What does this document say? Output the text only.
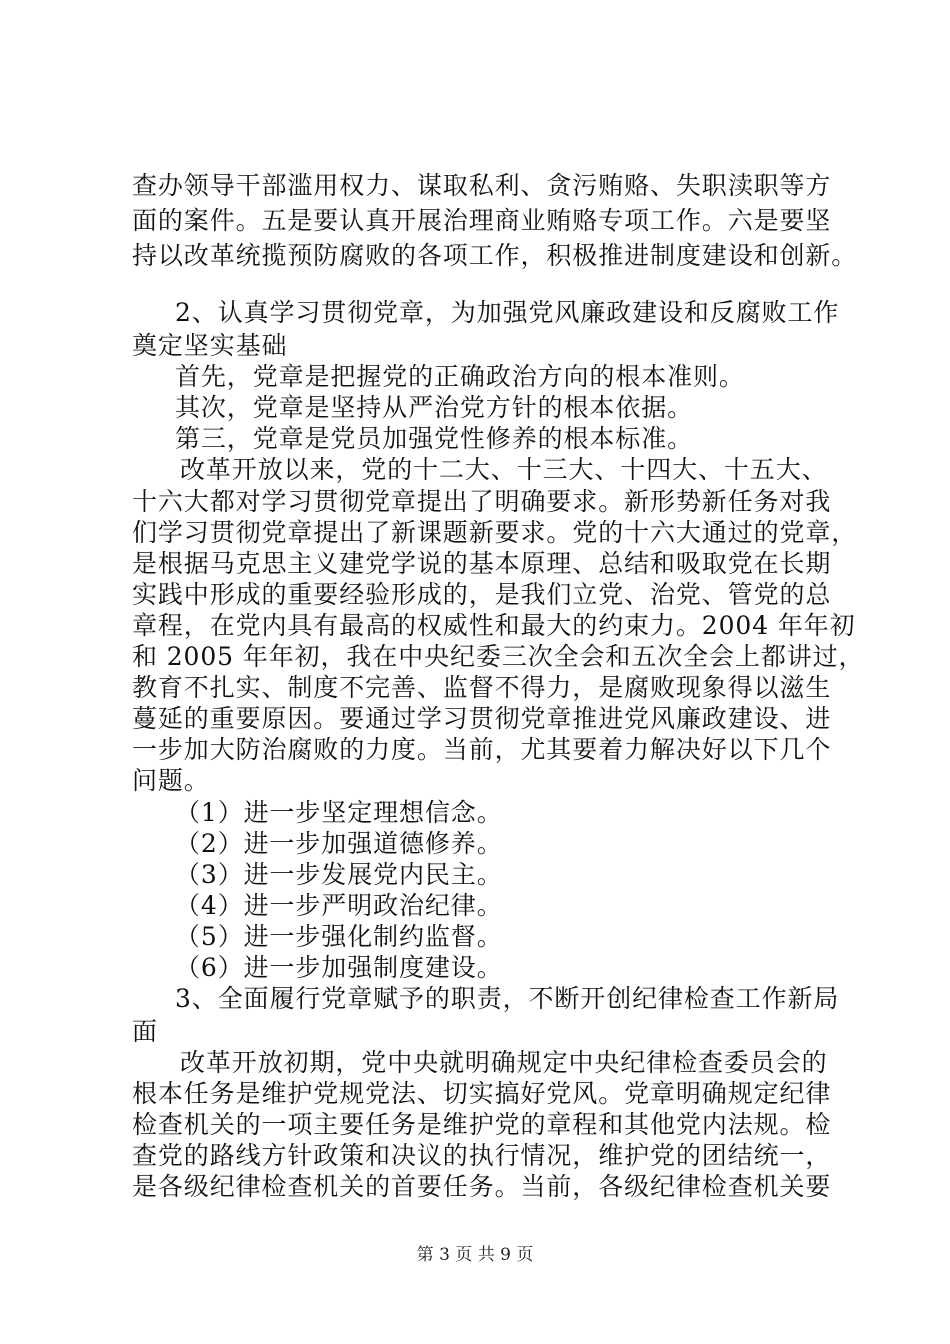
查办领导干部滥用权力、谋取私利、贪污贿赂、失职渎职等方
面的案件。五是要认真开展治理商业贿赂专项工作。六是要坚
持以改革统揽预防腐败的各项工作，积极推进制度建设和创新。
2、认真学习贯彻党章，为加强党风廉政建设和反腐败工作
奠定坚实基础
首先，党章是把握党的正确政治方向的根本准则。
其次，党章是坚持从严治党方针的根本依据。
第三，党章是党员加强党性修养的根本标准。
改革开放以来，党的十二大、十三大、十四大、十五大、
十六大都对学习贯彻党章提出了明确要求。新形势新任务对我
们学习贯彻党章提出了新课题新要求。党的十六大通过的党章，
是根据马克思主义建党学说的基本原理、总结和吸取党在长期
实践中形成的重要经验形成的，是我们立党、治党、管党的总
章程，在党内具有最高的权威性和最大的约束力。2004 年年初
和 2005 年年初，我在中央纪委三次全会和五次全会上都讲过，
教育不扎实、制度不完善、监督不得力，是腐败现象得以滋生
蔓延的重要原因。要通过学习贯彻党章推进党风廉政建设、进
一步加大防治腐败的力度。当前，尤其要着力解决好以下几个
问题。
（1）进一步坚定理想信念。
（2）进一步加强道德修养。
（3）进一步发展党内民主。
（4）进一步严明政治纪律。
（5）进一步强化制约监督。
（6）进一步加强制度建设。
3、全面履行党章赋予的职责，不断开创纪律检查工作新局
面
改革开放初期，党中央就明确规定中央纪律检查委员会的
根本任务是维护党规党法、切实搞好党风。党章明确规定纪律
检查机关的一项主要任务是维护党的章程和其他党内法规。检
查党的路线方针政策和决议的执行情况，维护党的团结统一，
是各级纪律检查机关的首要任务。当前，各级纪律检查机关要
第 3 页 共 9 页
